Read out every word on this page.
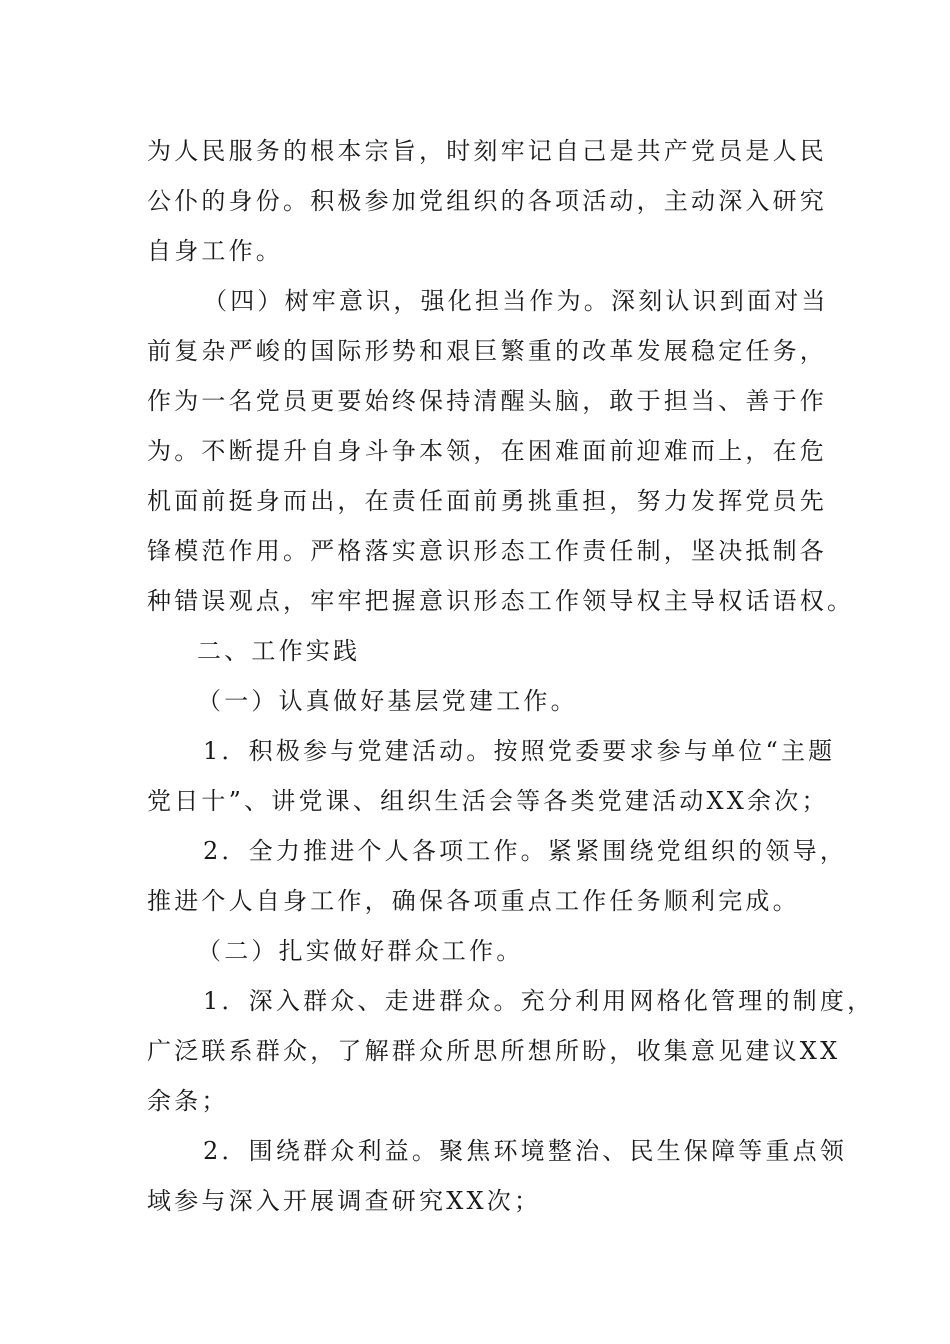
为人民服务的根本宗旨，时刻牢记自己是共产党员是人民
公仆的身份。积极参加党组织的各项活动，主动深入研究
自身工作。
（四）树牢意识，强化担当作为。深刻认识到面对当
前复杂严峻的国际形势和艰巨繁重的改革发展稳定任务，
作为一名党员更要始终保持清醒头脑，敢于担当、善于作
为。不断提升自身斗争本领，在困难面前迎难而上，在危
机面前挺身而出，在责任面前勇挑重担，努力发挥党员先
锋模范作用。严格落实意识形态工作责任制，坚决抵制各
种错误观点，牢牢把握意识形态工作领导权主导权话语权。
二、工作实践
（一）认真做好基层党建工作。
1．积极参与党建活动。按照党委要求参与单位“主题
党日十”、讲党课、组织生活会等各类党建活动XX余次；
2．全力推进个人各项工作。紧紧围绕党组织的领导，
推进个人自身工作，确保各项重点工作任务顺利完成。
（二）扎实做好群众工作。
1．深入群众、走进群众。充分利用网格化管理的制度，
广泛联系群众，了解群众所思所想所盼，收集意见建议XX
余条；
2．围绕群众利益。聚焦环境整治、民生保障等重点领
域参与深入开展调查研究XX次；
